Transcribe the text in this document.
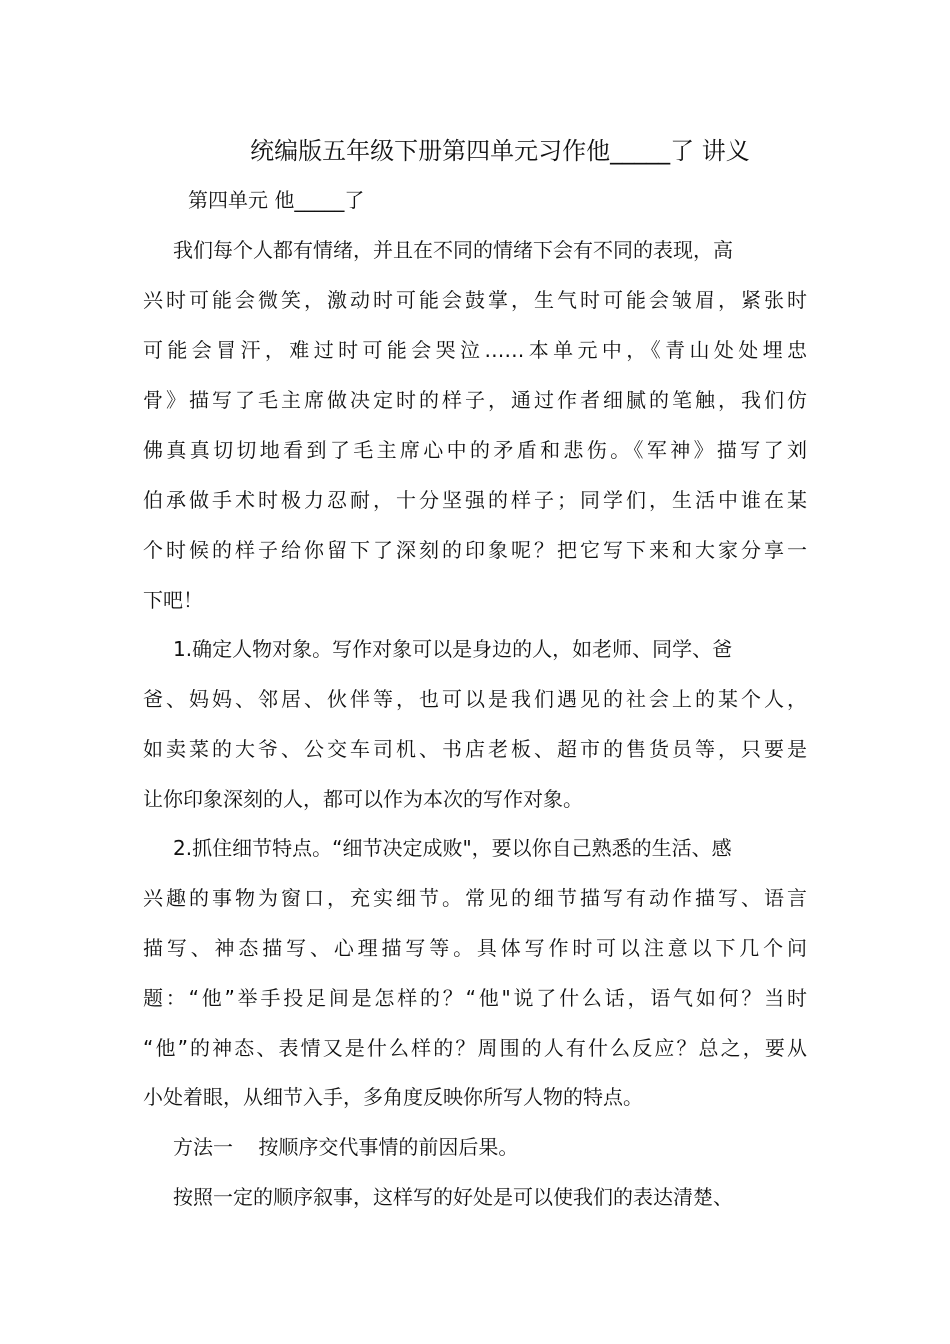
统编版五年级下册第四单元习作他_____了 讲义

第四单元 他_____了

我们每个人都有情绪，并且在不同的情绪下会有不同的表现，高

兴时可能会微笑，激动时可能会鼓掌，生气时可能会皱眉，紧张时

可能会冒汗，难过时可能会哭泣……本单元中，《青山处处埋忠

骨》描写了毛主席做决定时的样子，通过作者细腻的笔触，我们仿

佛真真切切地看到了毛主席心中的矛盾和悲伤。《军神》描写了刘

伯承做手术时极力忍耐，十分坚强的样子；同学们，生活中谁在某

个时候的样子给你留下了深刻的印象呢？把它写下来和大家分享一

下吧！

1.确定人物对象。写作对象可以是身边的人，如老师、同学、爸

爸、妈妈、邻居、伙伴等，也可以是我们遇见的社会上的某个人，

如卖菜的大爷、公交车司机、书店老板、超市的售货员等，只要是

让你印象深刻的人，都可以作为本次的写作对象。

2.抓住细节特点。“细节决定成败"，要以你自己熟悉的生活、感

兴趣的事物为窗口，充实细节。常见的细节描写有动作描写、语言

描写、神态描写、心理描写等。具体写作时可以注意以下几个问

题：“他”举手投足间是怎样的？“他"说了什么话，语气如何？当时

“他”的神态、表情又是什么样的？周围的人有什么反应？总之，要从

小处着眼，从细节入手，多角度反映你所写人物的特点。

方法一    按顺序交代事情的前因后果。

按照一定的顺序叙事，这样写的好处是可以使我们的表达清楚、
